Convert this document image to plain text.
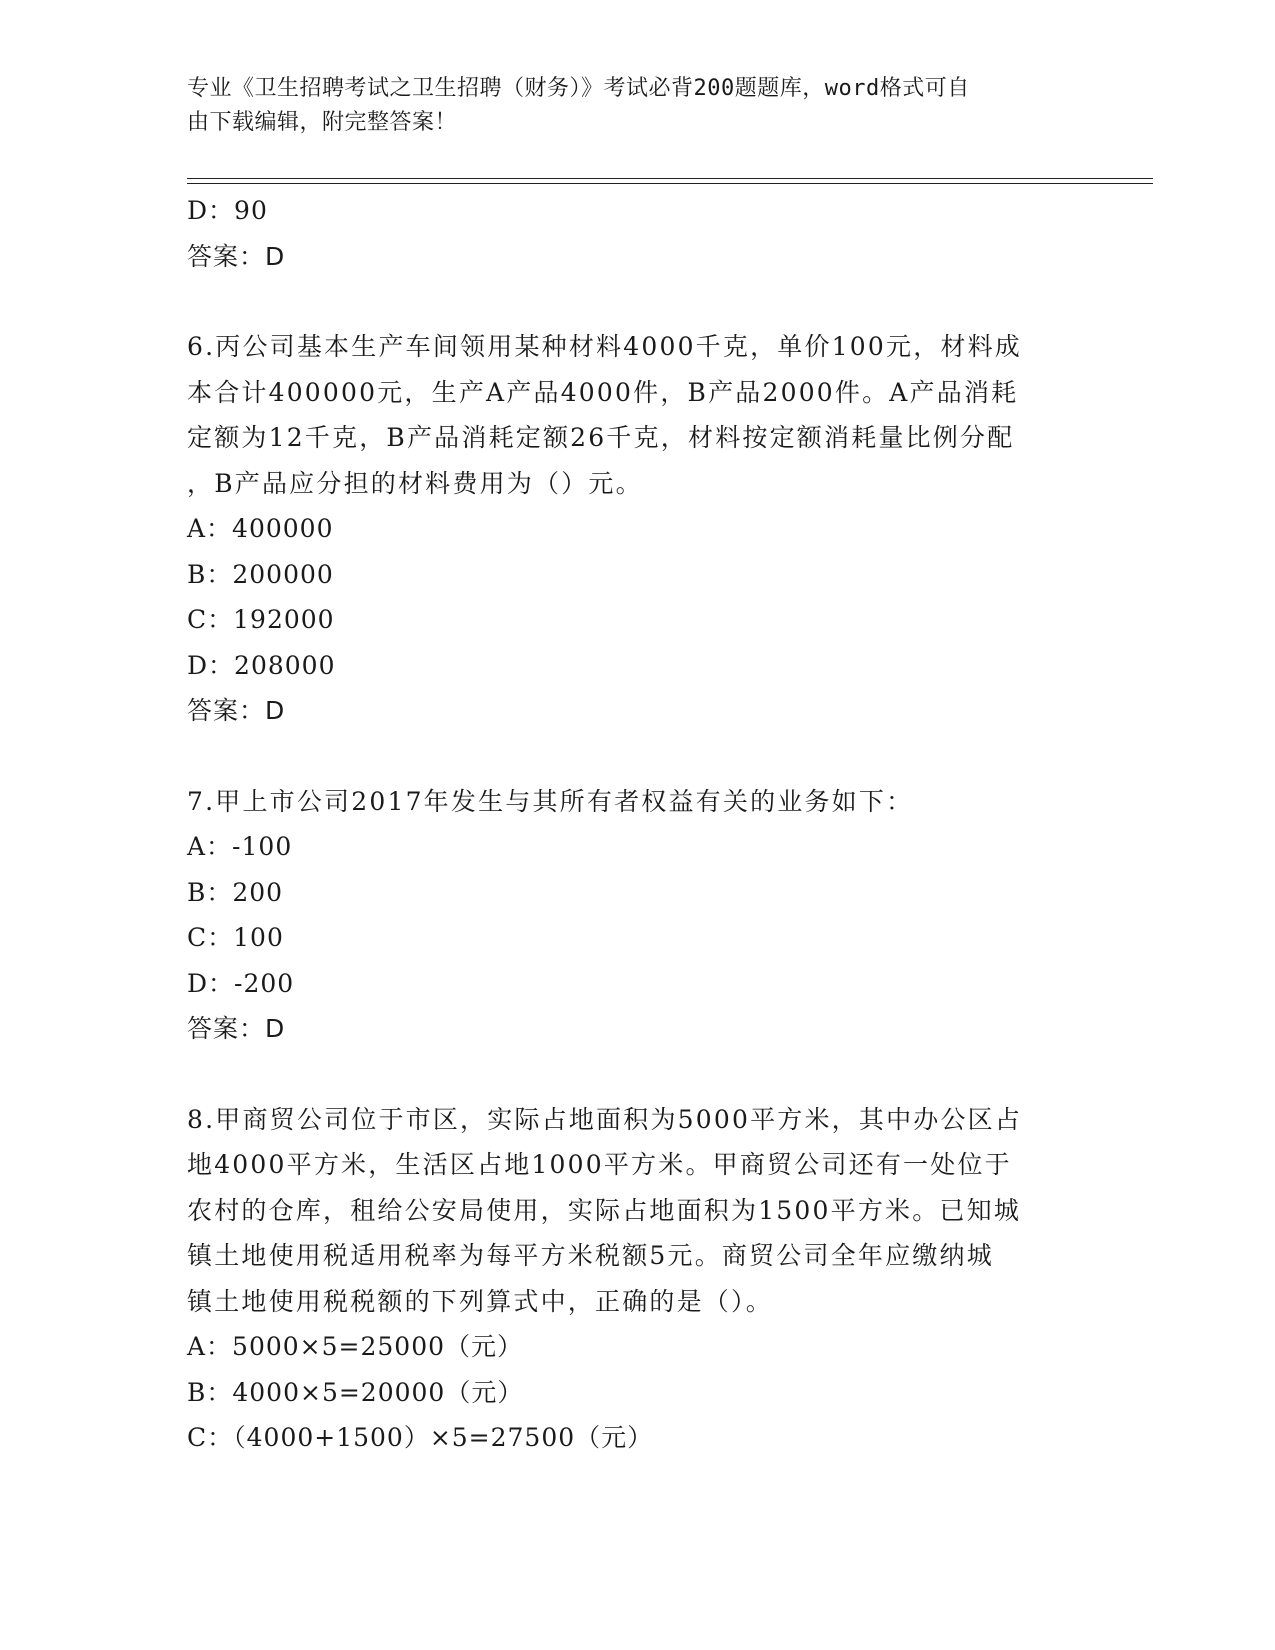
专业《卫生招聘考试之卫生招聘（财务）》考试必背200题题库，word格式可自
由下载编辑，附完整答案！
D：90
答案：D
6.丙公司基本生产车间领用某种材料4000千克，单价100元，材料成
本合计400000元，生产A产品4000件，B产品2000件。A产品消耗
定额为12千克，B产品消耗定额26千克，材料按定额消耗量比例分配
，B产品应分担的材料费用为（）元。
A：400000
B：200000
C：192000
D：208000
答案：D
7.甲上市公司2017年发生与其所有者权益有关的业务如下：
A：-100
B：200
C：100
D：-200
答案：D
8.甲商贸公司位于市区，实际占地面积为5000平方米，其中办公区占
地4000平方米，生活区占地1000平方米。甲商贸公司还有一处位于
农村的仓库，租给公安局使用，实际占地面积为1500平方米。已知城
镇土地使用税适用税率为每平方米税额5元。商贸公司全年应缴纳城
镇土地使用税税额的下列算式中，正确的是（）。
A：5000×5=25000（元）
B：4000×5=20000（元）
C：（4000+1500）×5=27500（元）
